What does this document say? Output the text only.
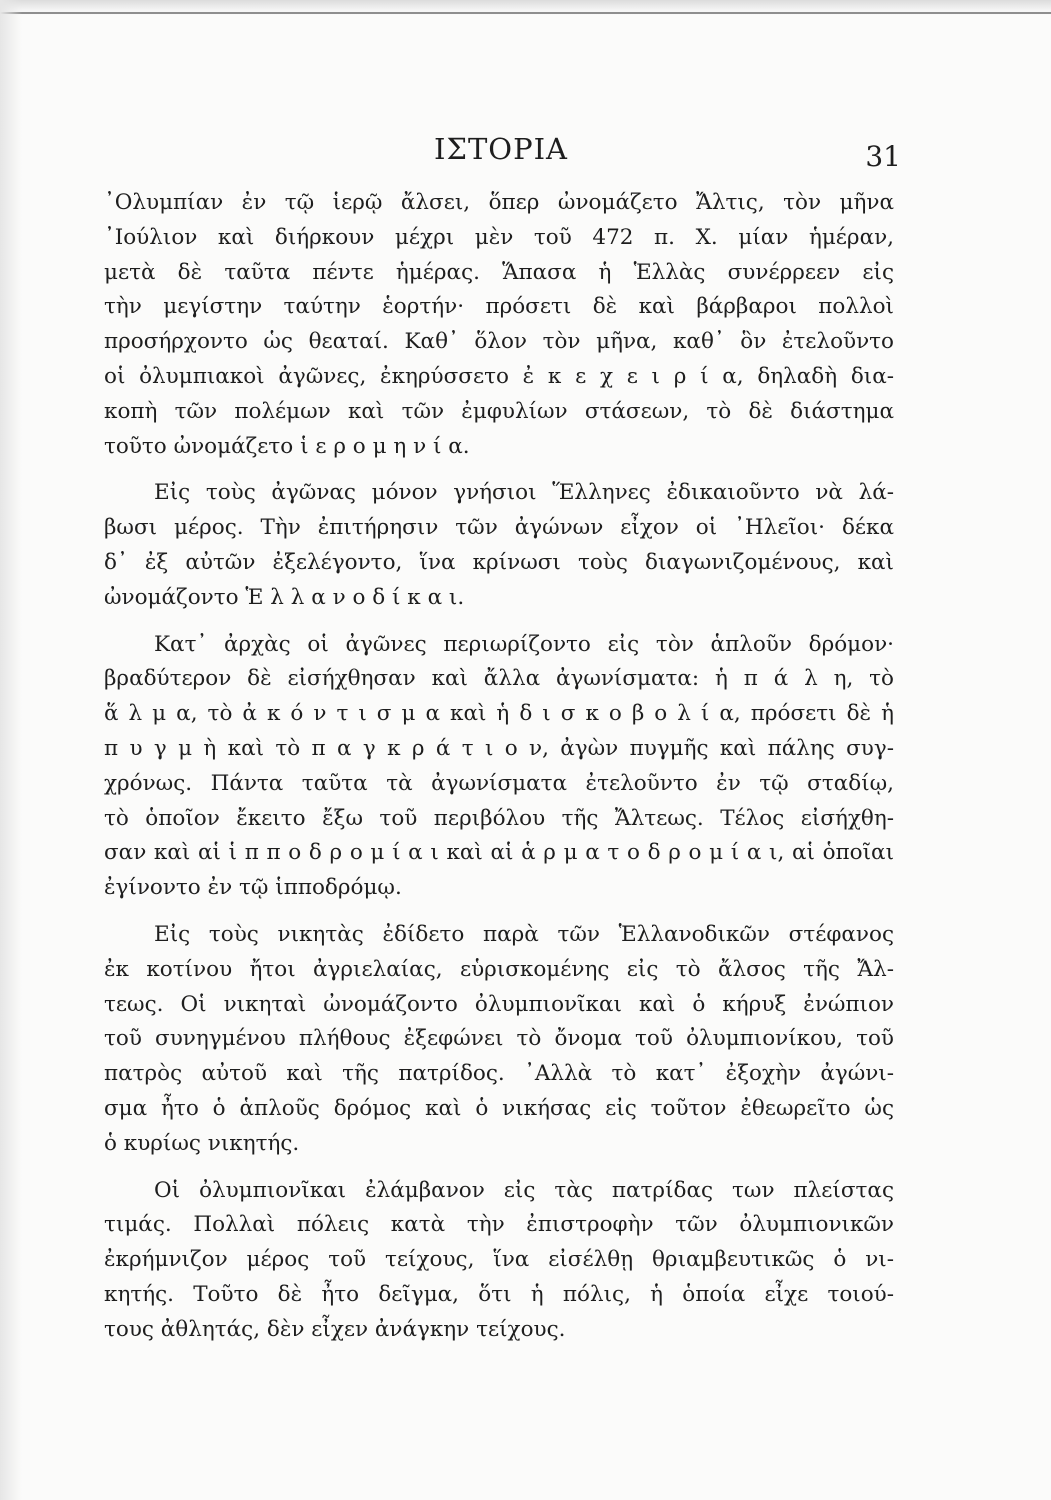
ΙΣΤΟΡΙΑ	31
᾿Ολυμπίαν ἐν τῷ ἱερῷ ἄλσει, ὅπερ ὠνομάζετο Ἄλτις, τὸν μῆνα
᾿Ιούλιον καὶ διήρκουν μέχρι μὲν τοῦ 472 π. Χ. μίαν ἡμέραν,
μετὰ δὲ ταῦτα πέντε ἡμέρας. Ἅπασα ἡ Ἑλλὰς συνέρρεεν εἰς
τὴν μεγίστην ταύτην ἑορτήν· πρόσετι δὲ καὶ βάρβαροι πολλοὶ
προσήρχοντο ὡς θεαταί. Καθ᾿ ὅλον τὸν μῆνα, καθ᾿ ὃν ἐτελοῦντο
οἱ ὀλυμπιακοὶ ἀγῶνες, ἐκηρύσσετο ἐ κ ε χ ε ι ρ ί α, δηλαδὴ δια-
κοπὴ τῶν πολέμων καὶ τῶν ἐμφυλίων στάσεων, τὸ δὲ διάστημα
τοῦτο ὠνομάζετο ἱ ε ρ ο μ η ν ί α.
Εἰς τοὺς ἀγῶνας μόνον γνήσιοι Ἕλληνες ἐδικαιοῦντο νὰ λά-
βωσι μέρος. Τὴν ἐπιτήρησιν τῶν ἀγώνων εἶχον οἱ ᾿Ηλεῖοι· δέκα
δ᾿ ἐξ αὐτῶν ἐξελέγοντο, ἵνα κρίνωσι τοὺς διαγωνιζομένους, καὶ
ὠνομάζοντο Ἑ λ λ α ν ο δ ί κ α ι.
Κατ᾿ ἀρχὰς οἱ ἀγῶνες περιωρίζοντο εἰς τὸν ἁπλοῦν δρόμον·
βραδύτερον δὲ εἰσήχθησαν καὶ ἄλλα ἀγωνίσματα: ἡ π ά λ η, τὸ
ἅ λ μ α, τὸ ἀ κ ό ν τ ι σ μ α καὶ ἡ δ ι σ κ ο β ο λ ί α, πρόσετι δὲ ἡ
π υ γ μ ὴ καὶ τὸ π α γ κ ρ ά τ ι ο ν, ἀγὼν πυγμῆς καὶ πάλης συγ-
χρόνως. Πάντα ταῦτα τὰ ἀγωνίσματα ἐτελοῦντο ἐν τῷ σταδίῳ,
τὸ ὁποῖον ἔκειτο ἔξω τοῦ περιβόλου τῆς Ἄλτεως. Τέλος εἰσήχθη-
σαν καὶ αἱ ἱ π π ο δ ρ ο μ ί α ι καὶ αἱ ἁ ρ μ α τ ο δ ρ ο μ ί α ι, αἱ ὁποῖαι
ἐγίνοντο ἐν τῷ ἱπποδρόμῳ.
Εἰς τοὺς νικητὰς ἐδίδετο παρὰ τῶν Ἑλλανοδικῶν στέφανος
ἐκ κοτίνου ἤτοι ἀγριελαίας, εὑρισκομένης εἰς τὸ ἄλσος τῆς Ἄλ-
τεως. Οἱ νικηταὶ ὠνομάζοντο ὀλυμπιονῖκαι καὶ ὁ κήρυξ ἐνώπιον
τοῦ συνηγμένου πλήθους ἐξεφώνει τὸ ὄνομα τοῦ ὀλυμπιονίκου, τοῦ
πατρὸς αὐτοῦ καὶ τῆς πατρίδος. ᾿Αλλὰ τὸ κατ᾿ ἐξοχὴν ἀγώνι-
σμα ἦτο ὁ ἁπλοῦς δρόμος καὶ ὁ νικήσας εἰς τοῦτον ἐθεωρεῖτο ὡς
ὁ κυρίως νικητής.
Οἱ ὀλυμπιονῖκαι ἐλάμβανον εἰς τὰς πατρίδας των πλείστας
τιμάς. Πολλαὶ πόλεις κατὰ τὴν ἐπιστροφὴν τῶν ὀλυμπιονικῶν
ἐκρήμνιζον μέρος τοῦ τείχους, ἵνα εἰσέλθῃ θριαμβευτικῶς ὁ νι-
κητής. Τοῦτο δὲ ἦτο δεῖγμα, ὅτι ἡ πόλις, ἡ ὁποία εἶχε τοιού-
τους ἀθλητάς, δὲν εἶχεν ἀνάγκην τείχους.
